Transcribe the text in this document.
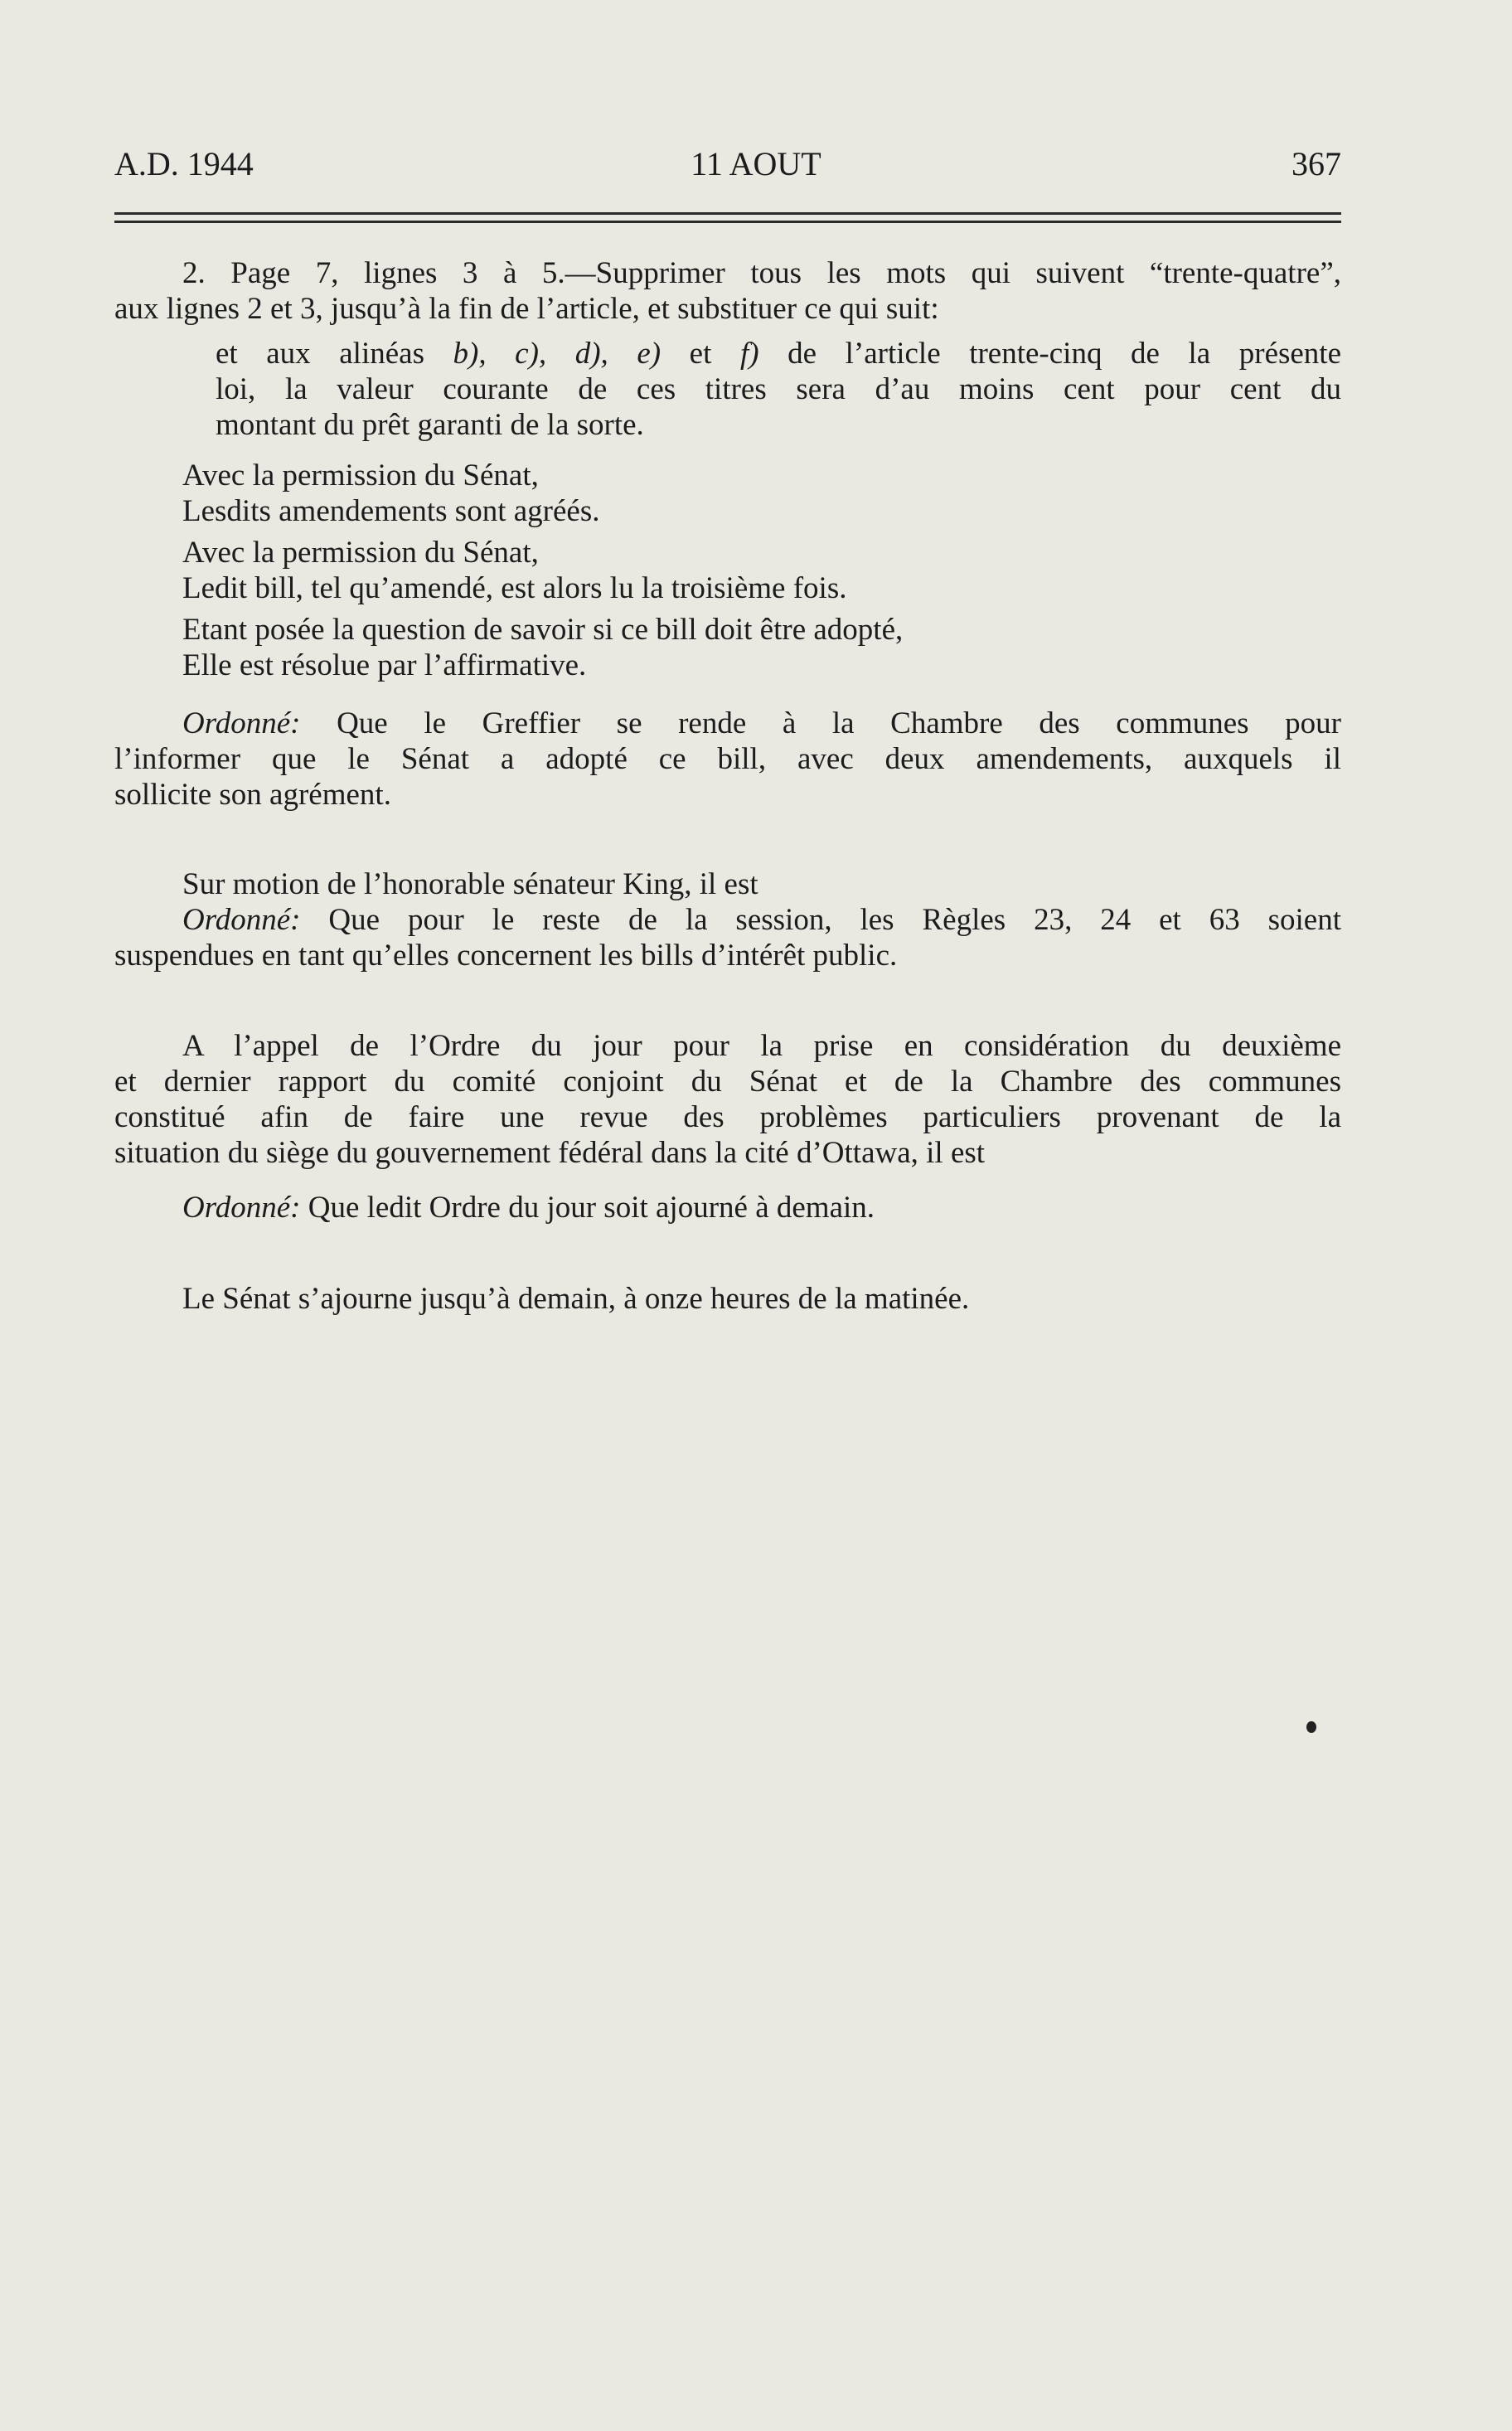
A.D. 1944	11 AOUT	367
2. Page 7, lignes 3 à 5.—Supprimer tous les mots qui suivent “trente-quatre”,
aux lignes 2 et 3, jusqu’à la fin de l’article, et substituer ce qui suit:
et aux alinéas b), c), d), e) et f) de l’article trente-cinq de la présente
loi, la valeur courante de ces titres sera d’au moins cent pour cent du
montant du prêt garanti de la sorte.
Avec la permission du Sénat,
Lesdits amendements sont agréés.
Avec la permission du Sénat,
Ledit bill, tel qu’amendé, est alors lu la troisième fois.
Etant posée la question de savoir si ce bill doit être adopté,
Elle est résolue par l’affirmative.
Ordonné: Que le Greffier se rende à la Chambre des communes pour
l’informer que le Sénat a adopté ce bill, avec deux amendements, auxquels il
sollicite son agrément.
Sur motion de l’honorable sénateur King, il est
Ordonné: Que pour le reste de la session, les Règles 23, 24 et 63 soient
suspendues en tant qu’elles concernent les bills d’intérêt public.
A l’appel de l’Ordre du jour pour la prise en considération du deuxième
et dernier rapport du comité conjoint du Sénat et de la Chambre des communes
constitué afin de faire une revue des problèmes particuliers provenant de la
situation du siège du gouvernement fédéral dans la cité d’Ottawa, il est
Ordonné: Que ledit Ordre du jour soit ajourné à demain.
Le Sénat s’ajourne jusqu’à demain, à onze heures de la matinée.
